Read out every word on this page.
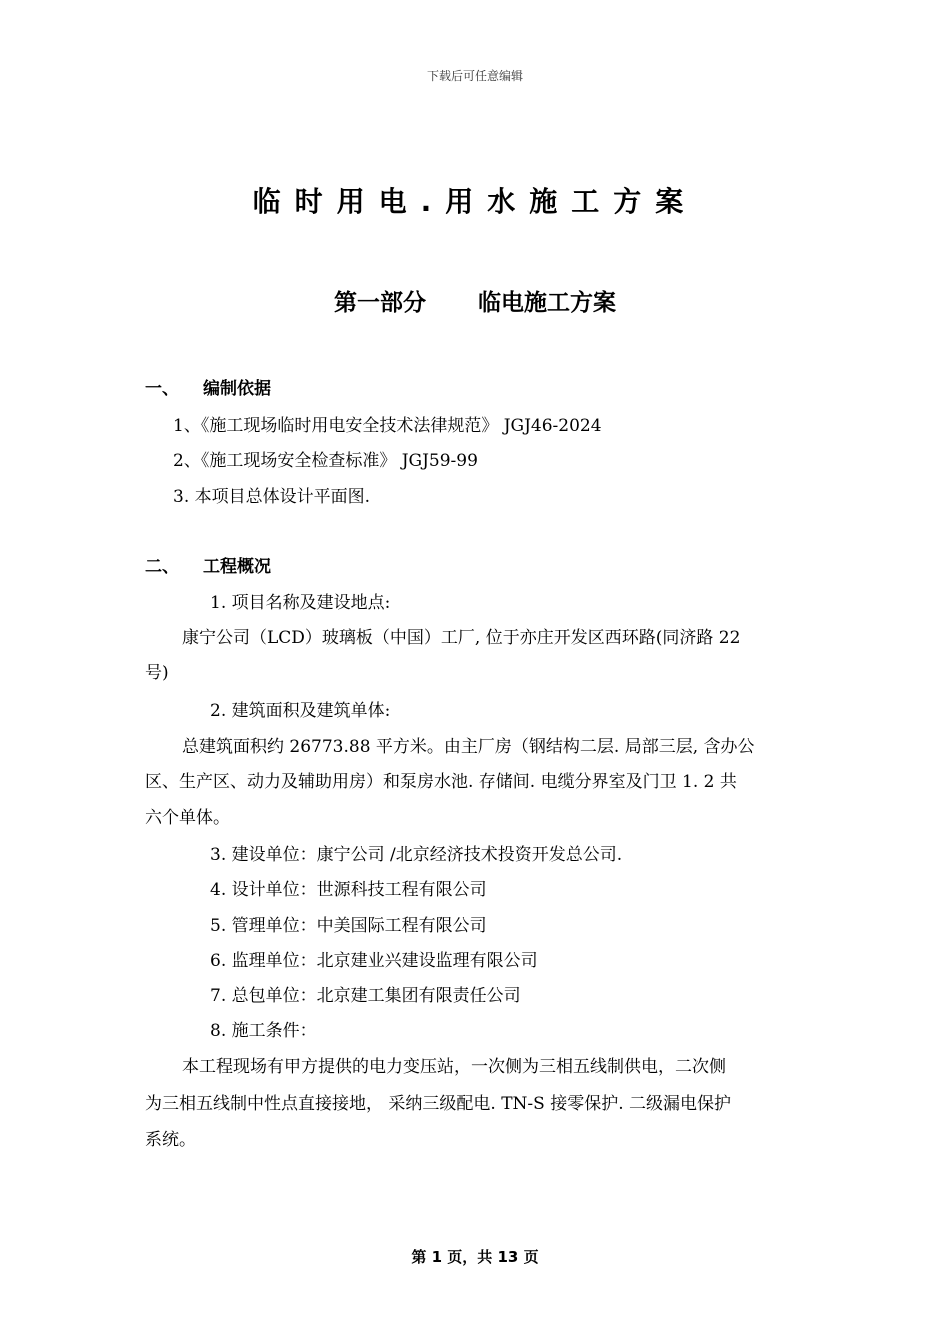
下载后可任意编辑
临时用电.用水施工方案
第一部分 临电施工方案
一、 编制依据
1、《施工现场临时用电安全技术法律规范》 JGJ46-2024
2、《施工现场安全检查标准》 JGJ59-99
3. 本项目总体设计平面图.
二、 工程概况
1. 项目名称及建设地点:
康宁公司（LCD）玻璃板（中国）工厂, 位于亦庄开发区西环路(同济路 22
号)
2. 建筑面积及建筑单体:
总建筑面积约 26773.88 平方米。由主厂房（钢结构二层. 局部三层, 含办公
区、生产区、动力及辅助用房）和泵房水池. 存储间. 电缆分界室及门卫 1. 2 共
六个单体。
3. 建设单位：康宁公司 /北京经济技术投资开发总公司.
4. 设计单位：世源科技工程有限公司
5. 管理单位：中美国际工程有限公司
6. 监理单位：北京建业兴建设监理有限公司
7. 总包单位：北京建工集团有限责任公司
8. 施工条件：
本工程现场有甲方提供的电力变压站，一次侧为三相五线制供电，二次侧
为三相五线制中性点直接接地， 采纳三级配电. TN-S 接零保护. 二级漏电保护
系统。
第 1 页，共 13 页
